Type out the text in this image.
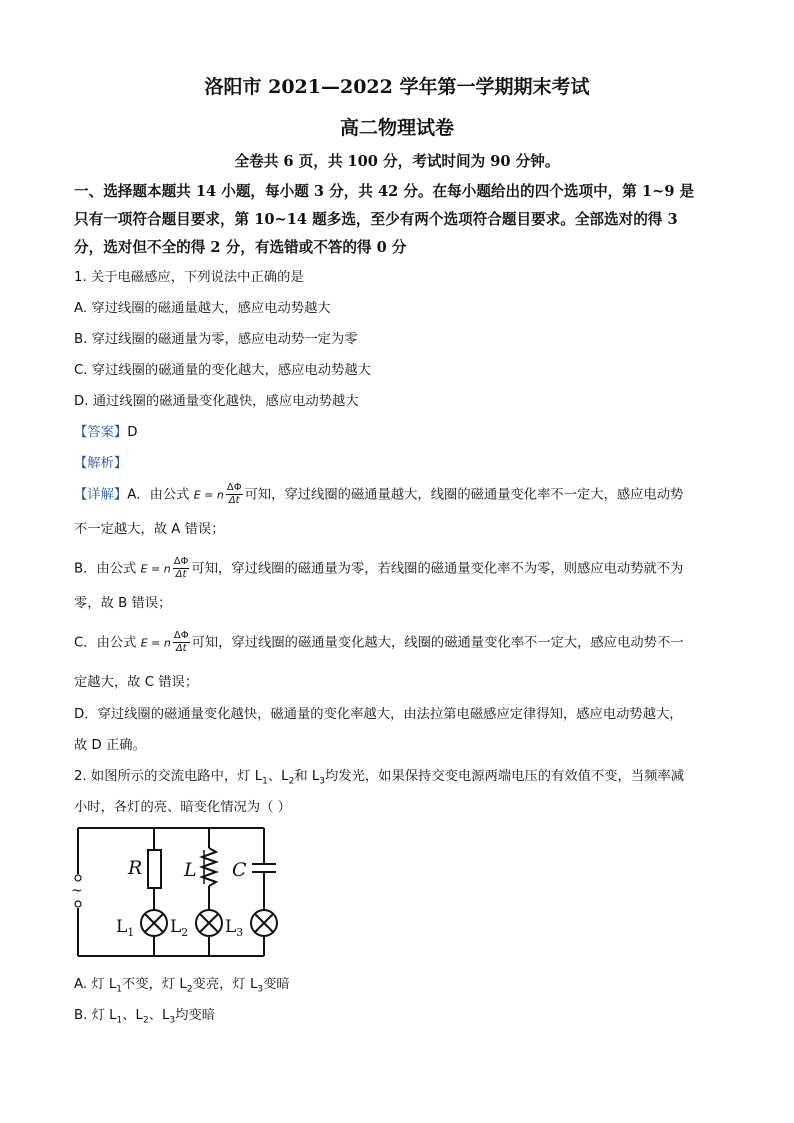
洛阳市 2021—2022 学年第一学期期末考试
高二物理试卷
全卷共 6 页，共 100 分，考试时间为 90 分钟。
一、选择题本题共 14 小题，每小题 3 分，共 42 分。在每小题给出的四个选项中，第 1~9 是
只有一项符合题目要求，第 10~14 题多选，至少有两个选项符合题目要求。全部选对的得 3
分，选对但不全的得 2 分，有选错或不答的得 0 分
1. 关于电磁感应，下列说法中正确的是
A. 穿过线圈的磁通量越大，感应电动势越大
B. 穿过线圈的磁通量为零，感应电动势一定为零
C. 穿过线圈的磁通量的变化越大，感应电动势越大
D. 通过线圈的磁通量变化越快，感应电动势越大
【答案】D
【解析】
【详解】A．由公式 E = n $\frac{\Delta\Phi}{\Delta t}$ 可知，穿过线圈的磁通量越大，线圈的磁通量变化率不一定大，感应电动势
不一定越大，故 A 错误；
B．由公式 E = n $\frac{\Delta\Phi}{\Delta t}$ 可知，穿过线圈的磁通量为零，若线圈的磁通量变化率不为零，则感应电动势就不为
零，故 B 错误；
C．由公式 E = n $\frac{\Delta\Phi}{\Delta t}$ 可知，穿过线圈的磁通量变化越大，线圈的磁通量变化率不一定大，感应电动势不一
定越大，故 C 错误；
D．穿过线圈的磁通量变化越快，磁通量的变化率越大，由法拉第电磁感应定律得知，感应电动势越大，
故 D 正确。
2. 如图所示的交流电路中，灯 $L_1$、$L_2$和 $L_3$均发光，如果保持交变电源两端电压的有效值不变，当频率减
小时，各灯的亮、暗变化情况为（ ）
~
R L C
$L_1$ $L_2$ $L_3$
A. 灯 $L_1$不变，灯 $L_2$变亮，灯 $L_3$变暗
B. 灯 $L_1$、$L_2$、$L_3$均变暗
